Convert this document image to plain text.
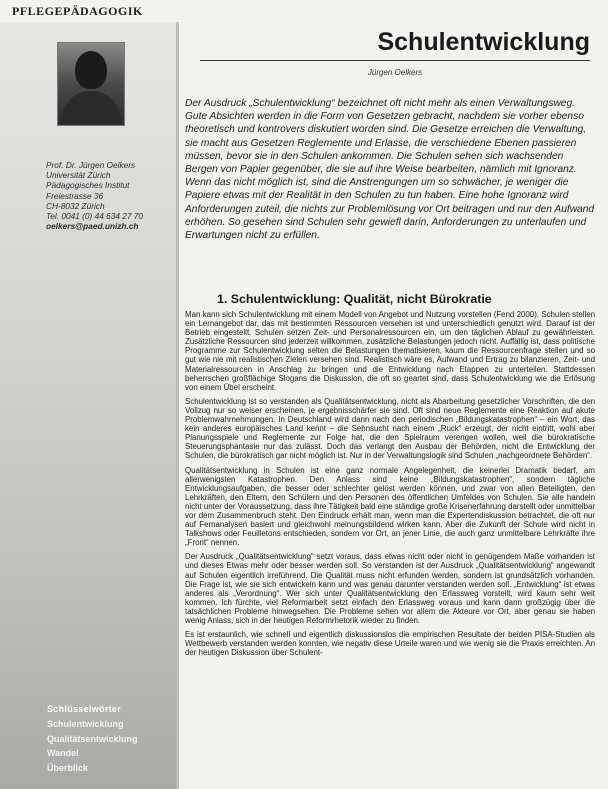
PFLEGEPÄDAGOGIK
Prof. Dr. Jürgen Oelkers
Universität Zürich
Pädagogisches Institut
Freiestrasse 36
CH-8032 Zürich
Tel. 0041 (0) 44 634 27 70
oelkers@paed.unizh.ch
Schlüsselwörter
Schulentwicklung
Qualitätsentwicklung
Wandel
Überblick
Schulentwicklung
Jürgen Oelkers
Der Ausdruck „Schulentwicklung“ bezeichnet oft nicht mehr als einen Verwaltungsweg. Gute Absichten werden in die Form von Gesetzen gebracht, nachdem sie vorher ebenso theoretisch und kontrovers diskutiert worden sind. Die Gesetze erreichen die Verwaltung, sie macht aus Gesetzen Reglemente und Erlasse, die verschiedene Ebenen passieren müssen, bevor sie in den Schulen ankommen. Die Schulen sehen sich wachsenden Bergen von Papier gegenüber, die sie auf ihre Weise bearbeiten, nämlich mit Ignoranz. Wenn das nicht möglich ist, sind die Anstrengungen um so schwächer, je weniger die Papiere etwas mit der Realität in den Schulen zu tun haben. Eine hohe Ignoranz wird Anforderungen zuteil, die nichts zur Problemlösung vor Ort beitragen und nur den Aufwand erhöhen. So gesehen sind Schulen sehr gewiefl darin, Anforderungen zu unterlaufen und Erwartungen nicht zu erfüllen.
1. Schulentwicklung: Qualität, nicht Bürokratie

Man kann sich Schulentwicklung mit einem Modell von Angebot und Nutzung vorstellen (Fend 2000). Schulen stellen ein Lernangebot dar, das mit bestimmten Ressourcen versehen ist und unterschiedlich genutzt wird. Darauf ist der Betrieb eingestellt. Schulen setzen Zeit- und Personalressourcen ein, um den täglichen Ablauf zu gewährleisten. Zusätzliche Ressourcen sind jederzeit willkommen, zusätzliche Belastungen jedoch nicht. Auffällig ist, dass politische Programme zur Schulentwicklung selten die Belastungen thematisieren, kaum die Ressourcenfrage stellen und so gut wie nie mit realistischen Zielen versehen sind. Realistisch wäre es, Aufwand und Ertrag zu bilanzieren, Zeit- und Materialressourcen in Anschlag zu bringen und die Entwicklung nach Etappen zu unterteilen. Stattdessen beherrschen großflächige Slogans die Diskussion, die oft so geartet sind, dass Schulentwicklung wie die Erlösung von einem Übel erscheint.

Schulentwicklung ist so verstanden als Qualitätsentwicklung, nicht als Abarbeitung gesetzlicher Vorschriften, die den Vollzug nur so weiser erscheinen, je ergebnisschärfer sie sind. Oft sind neue Reglemente eine Reaktion auf akute Problemwahrnehmungen. In Deutschland wird dann nach den periodischen „Bildungskatastrophen“ – ein Wort, das kein anderes europäisches Land kennt – die Sehnsucht nach einem „Ruck“ erzeugt, der nicht eintritt, wohl aber Planungsspiele und Reglemente zur Folge hat, die den Spielraum verengen wollen, weil die bürokratische Steuerungsphantasie nur das zulässt. Doch das verlangt den Ausbau der Behörden, nicht die Entwicklung der Schulen, die bürokratisch gar nicht möglich ist. Nur in der Verwaltungslogik sind Schulen „nachgeordnete Behörden“.

Qualitätsentwicklung in Schulen ist eine ganz normale Angelegenheit, die keinerlei Dramatik bedarf, am allerwenigsten Katastrophen. Den Anlass sind keine „Bildungskatastrophen“, sondern tägliche Entwicklungsaufgaben, die besser oder schlechter gelöst werden können, und zwar von allen Beteiligten, den Lehrkräften, den Eltern, den Schülern und den Personen des öffentlichen Umfeldes von Schulen. Sie alle handeln nicht unter der Voraussetzung, dass ihre Tätigkeit bald eine ständige große Krisenerfahrung darstellt oder unmittelbar vor dem Zusammenbruch steht. Den Eindruck erhält man, wenn man die Expertendiskussion betrachtet, die oft nur auf Fernanalysen basiert und gleichwohl meinungsbildend wirken kann. Aber die Zukunft der Schule wird nicht in Talkshows oder Feuilletons entschieden, sondern vor Ort, an jener Linie, die auch ganz unmittelbare Lehrkräfte ihre „Front“ nennen.

Der Ausdruck „Qualitätsentwicklung“ setzt voraus, dass etwas nicht oder nicht in genügendem Maße vorhanden ist und dieses Etwas mehr oder besser werden soll. So verstanden ist der Ausdruck „Qualitätsentwicklung“ angewandt auf Schulen eigentlich irreführend. Die Qualität muss nicht erfunden werden, sondern ist grundsätzlich vorhanden. Die Frage ist, wie sie sich entwickeln kann und was genau darunter verstanden werden soll. „Entwicklung“ ist etwas anderes als „Verordnung“. Wer sich unter Qualitätsentwicklung den Erlassweg vorstellt, wird kaum sehr weit kommen. Ich fürchte, viel Reformarbeit setzt einfach den Erlassweg voraus und kann dann großzügig über die tatsächlichen Probleme hinwegsehen. Die Probleme sehen vor allem die Akteure vor Ort, aber genau sie haben wenig Anlass, sich in der heutigen Reformrhetorik wieder zu finden.

Es ist erstaunlich, wie schnell und eigentlich diskussionslos die empirischen Resultate der beiden PISA-Studien als Wettbewerb verstanden werden konnten, wie negativ diese Urteile waren und wie wenig sie die Praxis erreichten. An der heutigen Diskussion über Schulent-
